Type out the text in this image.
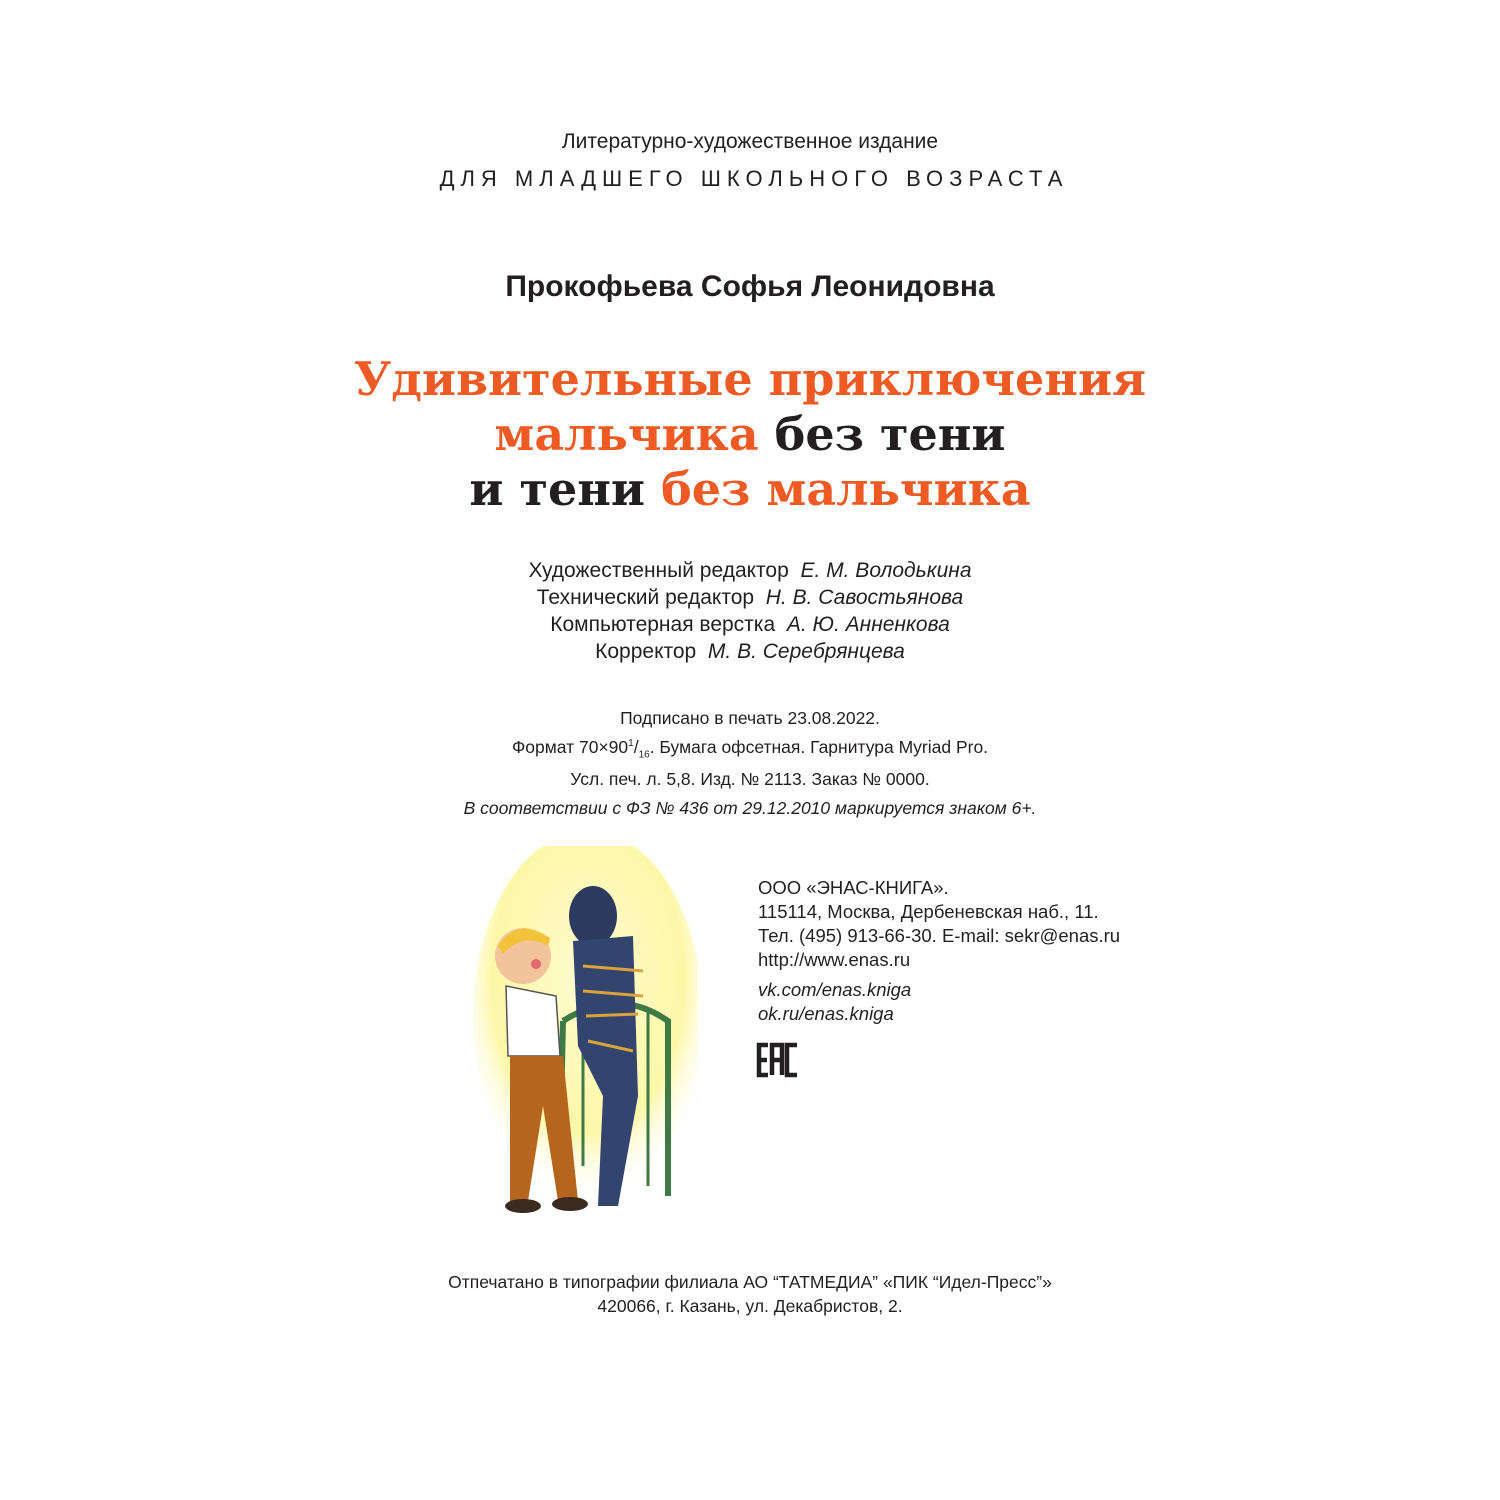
Литературно-художественное издание
ДЛЯ МЛАДШЕГО ШКОЛЬНОГО ВОЗРАСТА
Прокофьева Софья Леонидовна
Удивительные приключения
мальчика без тени
и тени без мальчика
Художественный редактор Е. М. Володькина
Технический редактор Н. В. Савостьянова
Компьютерная верстка А. Ю. Анненкова
Корректор М. В. Серебрянцева
Подписано в печать 23.08.2022.
Формат $70\times 90^1/_{16}$. Бумага офсетная. Гарнитура Myriad Pro.
Усл. печ. л. 5,8. Изд. № 2113. Заказ № 0000.
В соответствии с ФЗ № 436 от 29.12.2010 маркируется знаком 6+.
ООО «ЭНАС-КНИГА».
115114, Москва, Дербеневская наб., 11.
Тел. (495) 913-66-30. E-mail: sekr@enas.ru
http://www.enas.ru
vk.com/enas.kniga
ok.ru/enas.kniga
Отпечатано в типографии филиала АО “ТАТМЕДИА” «ПИК “Идел-Пресс”»
420066, г. Казань, ул. Декабристов, 2.
